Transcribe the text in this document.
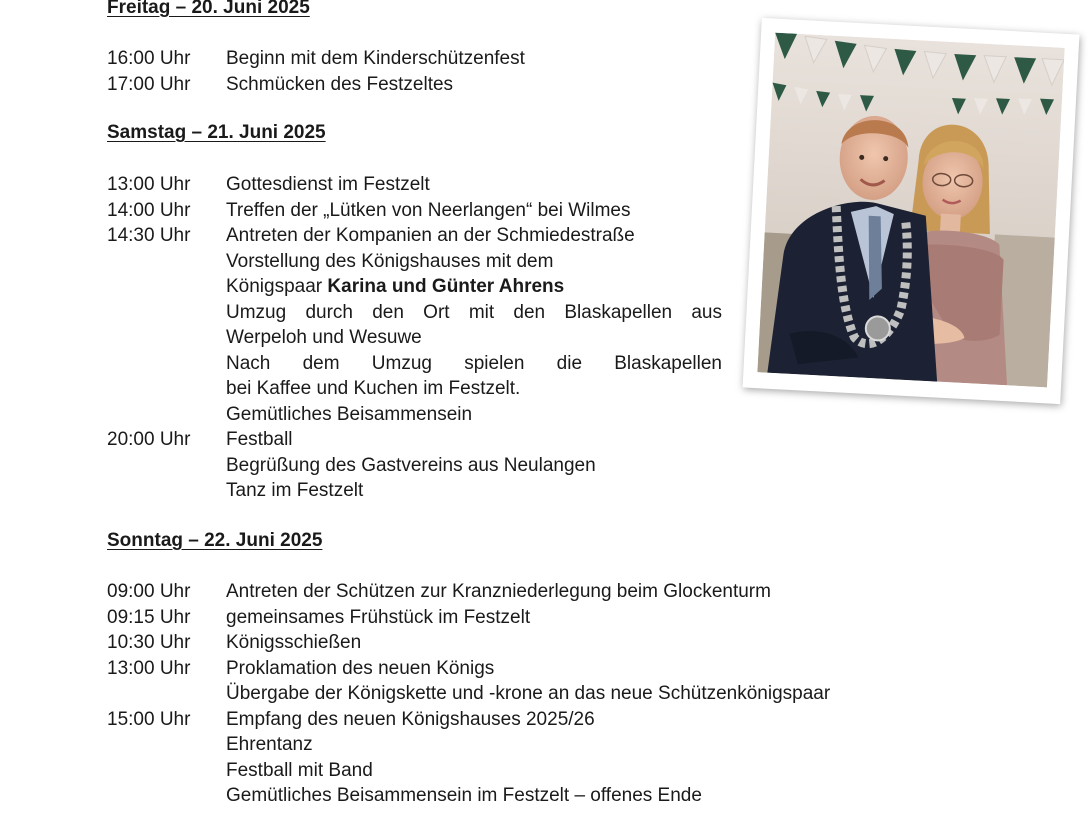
Freitag – 20. Juni 2025
16:00 Uhr	Beginn mit dem Kinderschützenfest
17:00 Uhr	Schmücken des Festzeltes
Samstag – 21. Juni 2025
13:00 Uhr	Gottesdienst im Festzelt
14:00 Uhr	Treffen der „Lütken von Neerlangen“ bei Wilmes
14:30 Uhr	Antreten der Kompanien an der Schmiedestraße
Vorstellung des Königshauses mit dem
Königspaar Karina und Günter Ahrens
Umzug durch den Ort mit den Blaskapellen aus
Werpeloh und Wesuwe
Nach dem Umzug spielen die Blaskapellen
bei Kaffee und Kuchen im Festzelt.
Gemütliches Beisammensein
20:00 Uhr	Festball
Begrüßung des Gastvereins aus Neulangen
Tanz im Festzelt
Sonntag – 22. Juni 2025
09:00 Uhr	Antreten der Schützen zur Kranzniederlegung beim Glockenturm
09:15 Uhr	gemeinsames Frühstück im Festzelt
10:30 Uhr	Königsschießen
13:00 Uhr	Proklamation des neuen Königs
Übergabe der Königskette und -krone an das neue Schützenkönigspaar
15:00 Uhr	Empfang des neuen Königshauses 2025/26
Ehrentanz
Festball mit Band
Gemütliches Beisammensein im Festzelt – offenes Ende
